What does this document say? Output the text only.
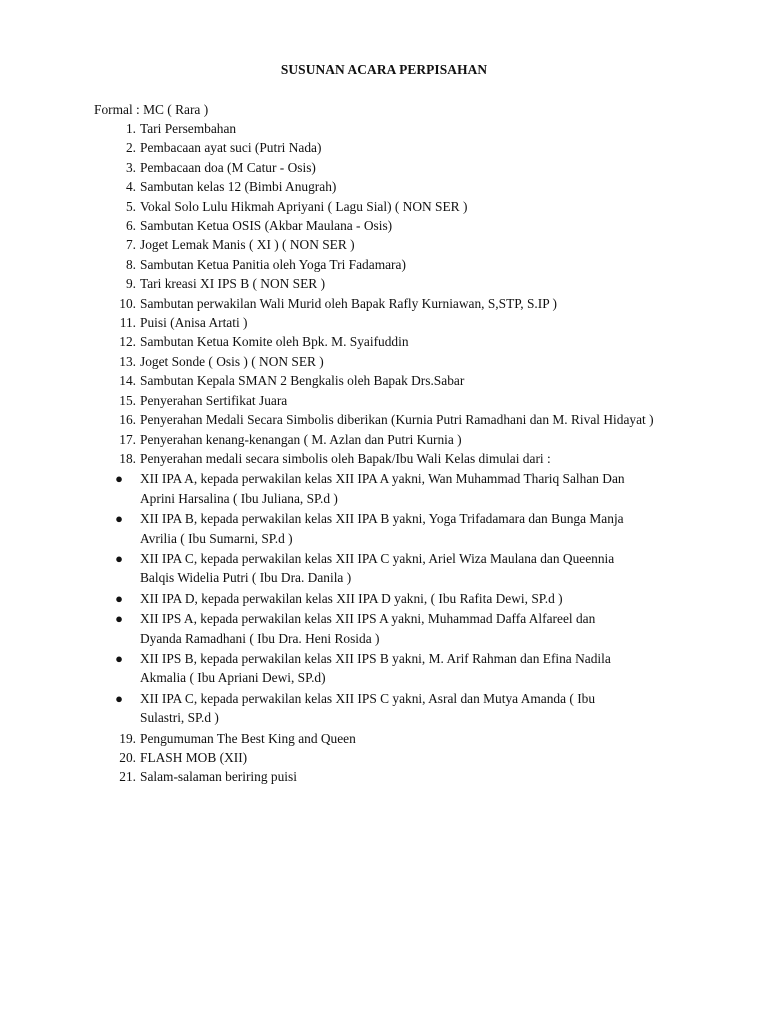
SUSUNAN ACARA PERPISAHAN
Formal : MC ( Rara )
1. Tari Persembahan
2. Pembacaan ayat suci (Putri Nada)
3. Pembacaan doa (M Catur - Osis)
4. Sambutan kelas 12 (Bimbi Anugrah)
5. Vokal Solo Lulu Hikmah Apriyani ( Lagu Sial) ( NON SER )
6. Sambutan Ketua OSIS (Akbar Maulana - Osis)
7. Joget Lemak Manis ( XI ) ( NON SER )
8. Sambutan Ketua Panitia oleh Yoga Tri Fadamara)
9. Tari kreasi XI IPS B ( NON SER )
10. Sambutan perwakilan Wali Murid oleh Bapak Rafly Kurniawan, S,STP, S.IP )
11. Puisi (Anisa Artati )
12. Sambutan Ketua Komite oleh Bpk. M. Syaifuddin
13. Joget Sonde ( Osis ) ( NON SER )
14. Sambutan Kepala SMAN 2 Bengkalis oleh Bapak Drs.Sabar
15. Penyerahan Sertifikat Juara
16. Penyerahan Medali Secara Simbolis diberikan (Kurnia Putri Ramadhani dan M. Rival Hidayat )
17. Penyerahan kenang-kenangan ( M. Azlan dan Putri Kurnia )
18. Penyerahan medali secara simbolis oleh Bapak/Ibu Wali Kelas dimulai dari :
● XII IPA A, kepada perwakilan kelas XII IPA A yakni, Wan Muhammad Thariq Salhan Dan Aprini Harsalina ( Ibu Juliana, SP.d )
● XII IPA B, kepada perwakilan kelas XII IPA B yakni, Yoga Trifadamara dan Bunga Manja Avrilia ( Ibu Sumarni, SP.d )
● XII IPA C, kepada perwakilan kelas XII IPA C yakni, Ariel Wiza Maulana dan Queennia Balqis Widelia Putri ( Ibu Dra. Danila )
● XII IPA D, kepada perwakilan kelas XII IPA D yakni, ( Ibu Rafita Dewi, SP.d )
● XII IPS A, kepada perwakilan kelas XII IPS A yakni, Muhammad Daffa Alfareel dan Dyanda Ramadhani ( Ibu Dra. Heni Rosida )
● XII IPS B, kepada perwakilan kelas XII IPS B yakni, M. Arif Rahman dan Efina Nadila Akmalia ( Ibu Apriani Dewi, SP.d)
● XII IPA C, kepada perwakilan kelas XII IPS C yakni, Asral dan Mutya Amanda ( Ibu Sulastri, SP.d )
19. Pengumuman The Best King and Queen
20. FLASH MOB (XII)
21. Salam-salaman beriring puisi
